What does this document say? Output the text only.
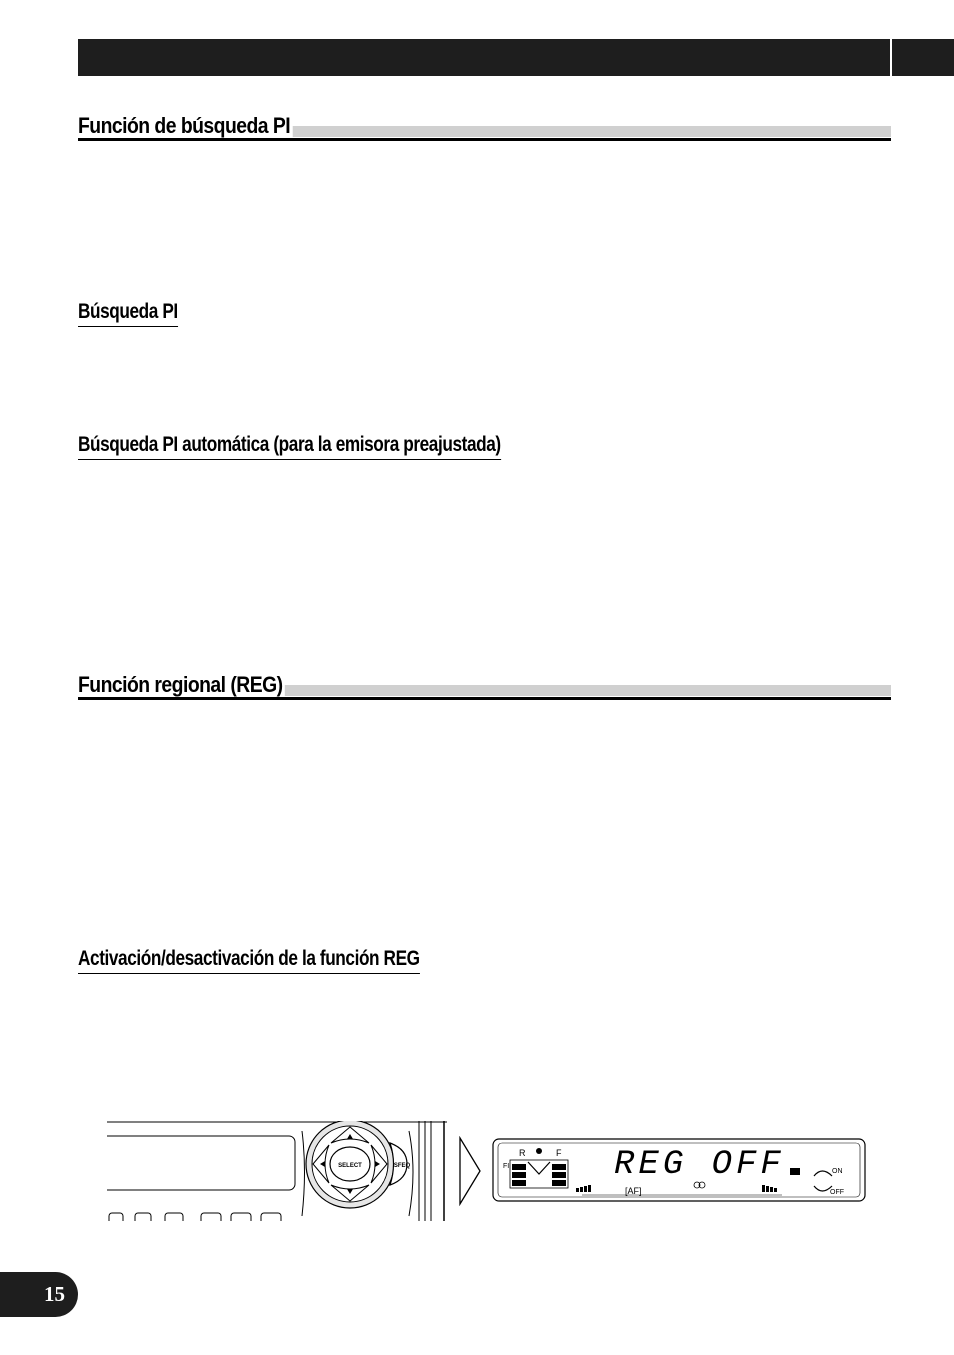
Función de búsqueda PI
Búsqueda PI
Búsqueda PI automática (para la emisora preajustada)
Función regional (REG)
Activación/desactivación de la función REG
SELECT	SFEQ
R	F
FI	REG OFF
[AF]
ON
OFF
15
